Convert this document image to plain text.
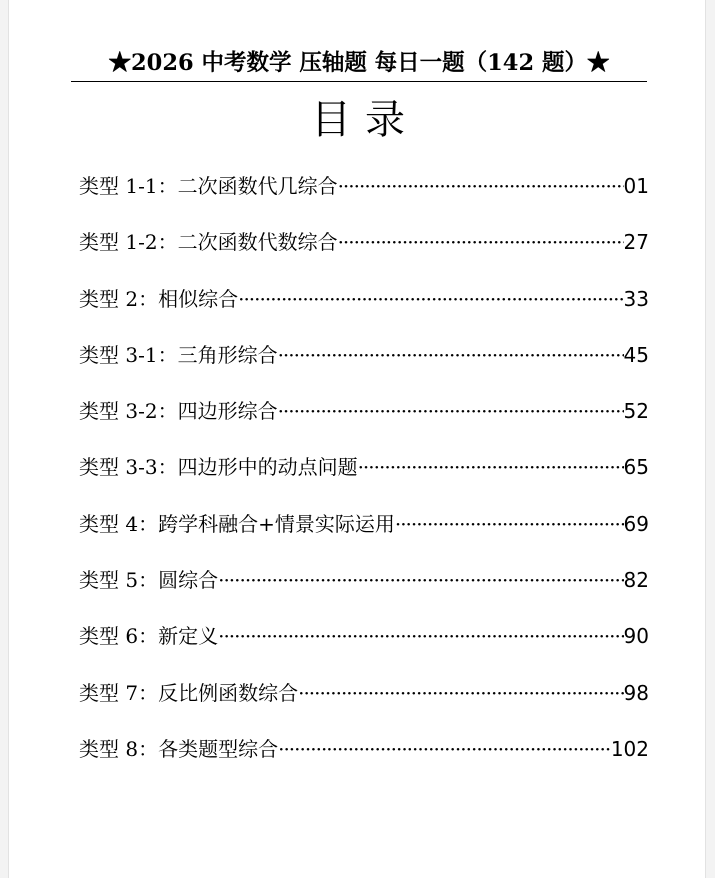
★2026 中考数学 压轴题 每日一题（142 题）★
目录
类型 1-1：二次函数代几综合 ·····	01
类型 1-2：二次函数代数综合 ·····	27
类型 2：相似综合 ·····	33
类型 3-1：三角形综合 ·····	45
类型 3-2：四边形综合 ·····	52
类型 3-3：四边形中的动点问题 ·····	65
类型 4：跨学科融合+情景实际运用 ·····	69
类型 5：圆综合 ·····	82
类型 6：新定义 ·····	90
类型 7：反比例函数综合 ·····	98
类型 8：各类题型综合 ·····	102
